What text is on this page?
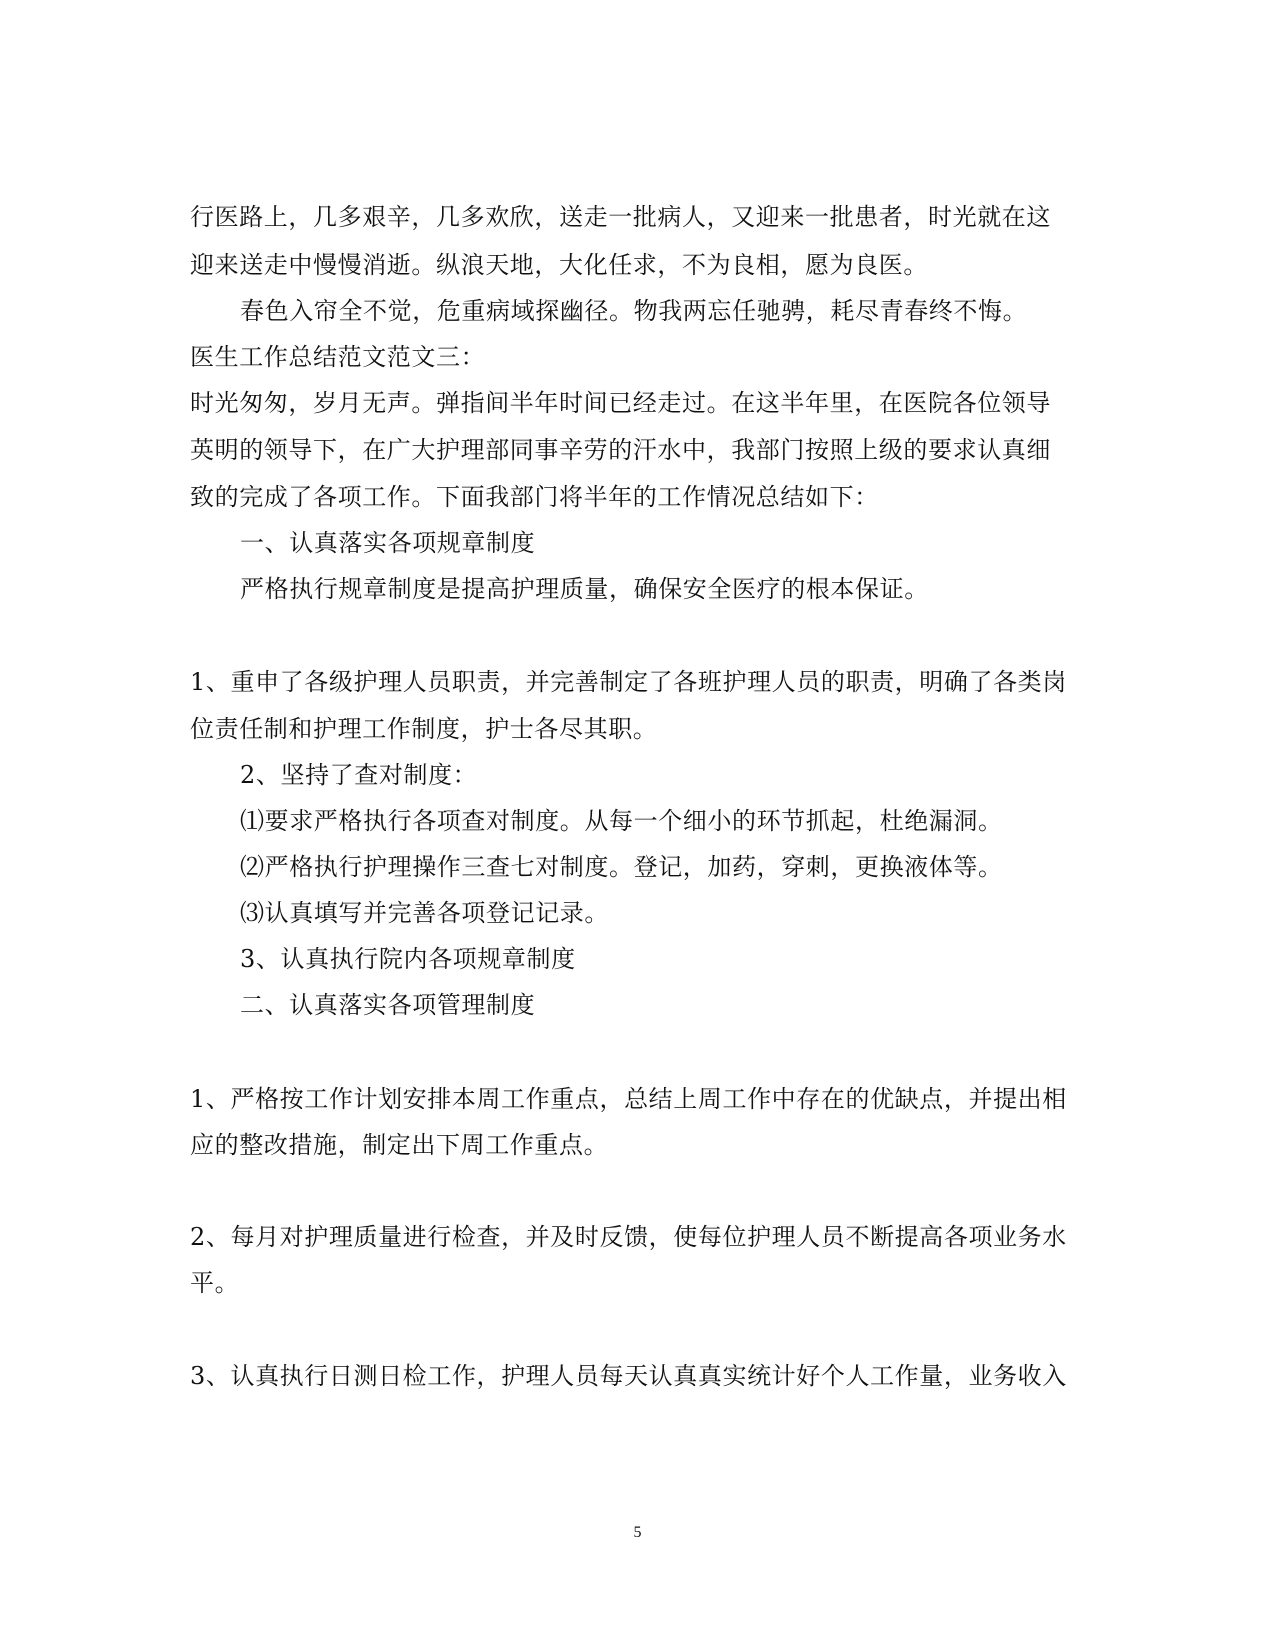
行医路上，几多艰辛，几多欢欣，送走一批病人，又迎来一批患者，时光就在这
迎来送走中慢慢消逝。纵浪天地，大化任求，不为良相，愿为良医。
春色入帘全不觉，危重病域探幽径。物我两忘任驰骋，耗尽青春终不悔。
医生工作总结范文范文三：
时光匆匆，岁月无声。弹指间半年时间已经走过。在这半年里，在医院各位领导
英明的领导下，在广大护理部同事辛劳的汗水中，我部门按照上级的要求认真细
致的完成了各项工作。下面我部门将半年的工作情况总结如下：
一、认真落实各项规章制度
严格执行规章制度是提高护理质量，确保安全医疗的根本保证。
1、重申了各级护理人员职责，并完善制定了各班护理人员的职责，明确了各类岗
位责任制和护理工作制度，护士各尽其职。
2、坚持了查对制度：
⑴要求严格执行各项查对制度。从每一个细小的环节抓起，杜绝漏洞。
⑵严格执行护理操作三查七对制度。登记，加药，穿刺，更换液体等。
⑶认真填写并完善各项登记记录。
3、认真执行院内各项规章制度
二、认真落实各项管理制度
1、严格按工作计划安排本周工作重点，总结上周工作中存在的优缺点，并提出相
应的整改措施，制定出下周工作重点。
2、每月对护理质量进行检查，并及时反馈，使每位护理人员不断提高各项业务水
平。
3、认真执行日测日检工作，护理人员每天认真真实统计好个人工作量，业务收入
5
